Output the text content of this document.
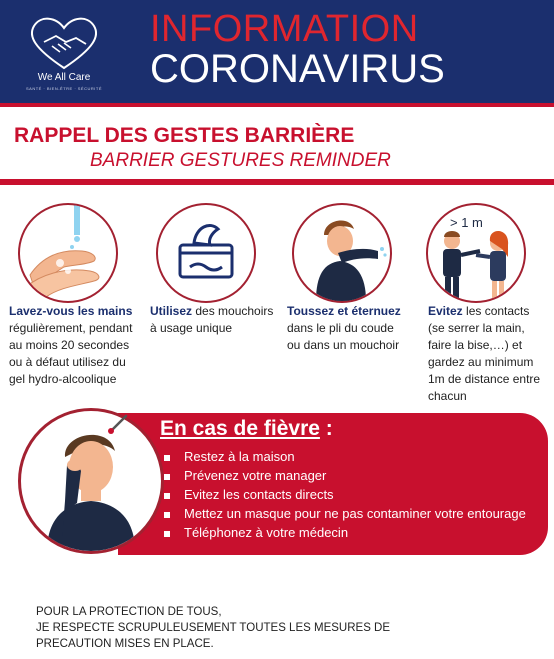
We All Care
SANTÉ · BIEN-ÊTRE · SÉCURITÉ
INFORMATION
CORONAVIRUS
RAPPEL DES GESTES BARRIÈRE
BARRIER GESTURES REMINDER
Lavez-vous les mains
régulièrement, pendant
au moins 20 secondes
ou à défaut utilisez du
gel hydro-alcoolique
Utilisez des mouchoirs
à usage unique
Toussez et éternuez
dans le pli du coude
ou dans un mouchoir
> 1 m
Evitez les contacts
(se serrer la main,
faire la bise,…) et
gardez au minimum
1m de distance entre
chacun
En cas de fièvre :
Restez à la maison
Prévenez votre manager
Evitez les contacts directs
Mettez un masque pour ne pas contaminer votre entourage
Téléphonez à votre médecin
POUR LA PROTECTION DE TOUS,
JE RESPECTE SCRUPULEUSEMENT TOUTES LES MESURES DE
PRECAUTION MISES EN PLACE.
